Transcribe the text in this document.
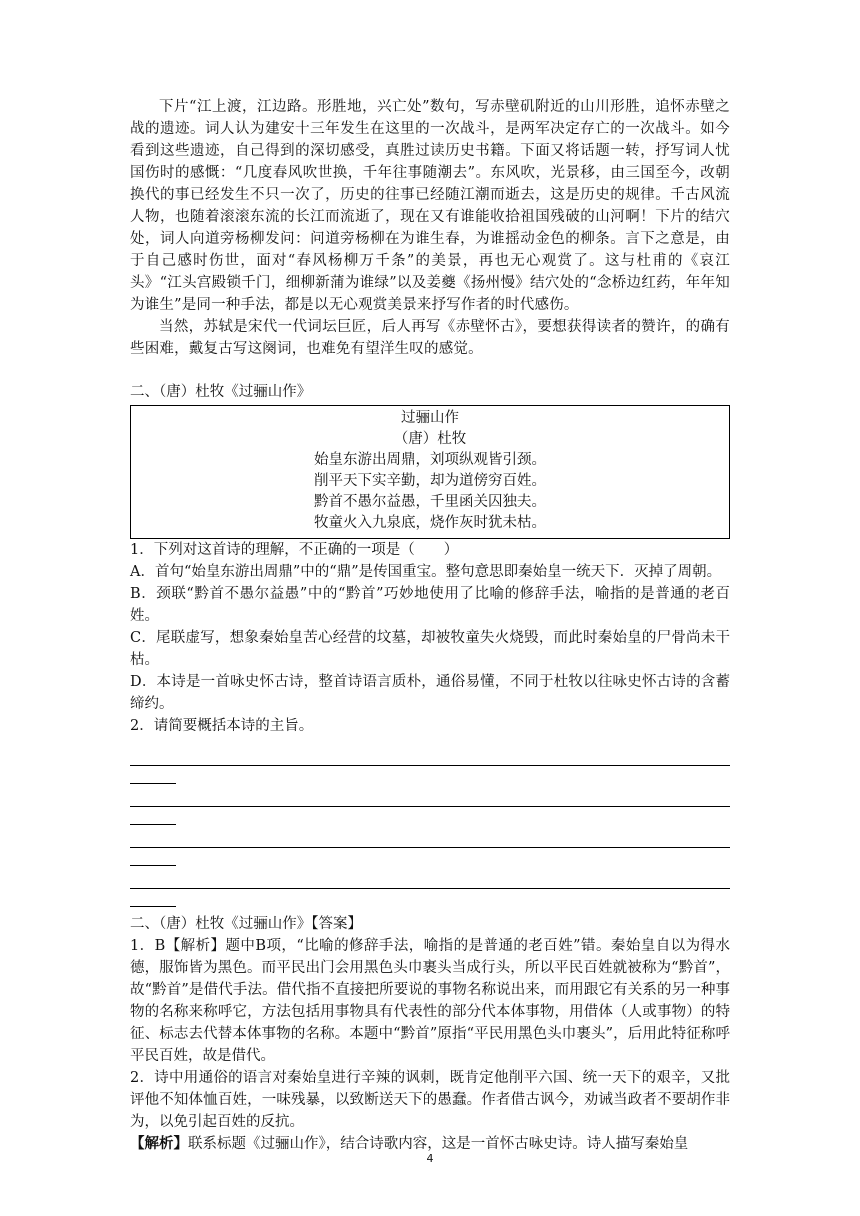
下片“江上渡，江边路。形胜地，兴亡处”数句，写赤壁矶附近的山川形胜，追怀赤壁之战的遗迹。词人认为建安十三年发生在这里的一次战斗，是两军决定存亡的一次战斗。如今看到这些遗迹，自己得到的深切感受，真胜过读历史书籍。下面又将话题一转，抒写词人忧国伤时的感慨：“几度春风吹世换，千年往事随潮去”。东风吹，光景移，由三国至今，改朝换代的事已经发生不只一次了，历史的往事已经随江潮而逝去，这是历史的规律。千古风流人物，也随着滚滚东流的长江而流逝了，现在又有谁能收拾祖国残破的山河啊！下片的结穴处，词人向道旁杨柳发问：问道旁杨柳在为谁生春，为谁摇动金色的柳条。言下之意是，由于自己感时伤世，面对“春风杨柳万千条”的美景，再也无心观赏了。这与杜甫的《哀江头》“江头宫殿锁千门，细柳新蒲为谁绿”以及姜夔《扬州慢》结穴处的“念桥边红药，年年知为谁生”是同一种手法，都是以无心观赏美景来抒写作者的时代感伤。

当然，苏轼是宋代一代词坛巨匠，后人再写《赤壁怀古》，要想获得读者的赞许，的确有些困难，戴复古写这阕词，也难免有望洋生叹的感觉。

二、（唐）杜牧《过骊山作》

过骊山作
（唐）杜牧
始皇东游出周鼎，刘项纵观皆引颈。
削平天下实辛勤，却为道傍穷百姓。
黔首不愚尔益愚，千里函关囚独夫。
牧童火入九泉底，烧作灰时犹未枯。

1．下列对这首诗的理解，不正确的一项是（　　）

A．首句“始皇东游出周鼎”中的“鼎”是传国重宝。整句意思即秦始皇一统天下．灭掉了周朝。

B．颈联“黔首不愚尔益愚”中的“黔首”巧妙地使用了比喻的修辞手法，喻指的是普通的老百姓。

C．尾联虚写，想象秦始皇苦心经营的坟墓，却被牧童失火烧毁，而此时秦始皇的尸骨尚未干枯。

D．本诗是一首咏史怀古诗，整首诗语言质朴，通俗易懂，不同于杜牧以往咏史怀古诗的含蓄缔约。

2．请简要概括本诗的主旨。

二、（唐）杜牧《过骊山作》【答案】

1．B【解析】题中B项，“比喻的修辞手法，喻指的是普通的老百姓”错。秦始皇自以为得水德，服饰皆为黑色。而平民出门会用黑色头巾裹头当成行头，所以平民百姓就被称为“黔首”，故“黔首”是借代手法。借代指不直接把所要说的事物名称说出来，而用跟它有关系的另一种事物的名称来称呼它，方法包括用事物具有代表性的部分代本体事物，用借体（人或事物）的特征、标志去代替本体事物的名称。本题中“黔首”原指“平民用黑色头巾裹头”，后用此特征称呼平民百姓，故是借代。

2．诗中用通俗的语言对秦始皇进行辛辣的讽刺，既肯定他削平六国、统一天下的艰辛，又批评他不知体恤百姓，一味残暴，以致断送天下的愚蠢。作者借古讽今，劝诫当政者不要胡作非为，以免引起百姓的反抗。

【解析】联系标题《过骊山作》，结合诗歌内容，这是一首怀古咏史诗。诗人描写秦始皇

4
